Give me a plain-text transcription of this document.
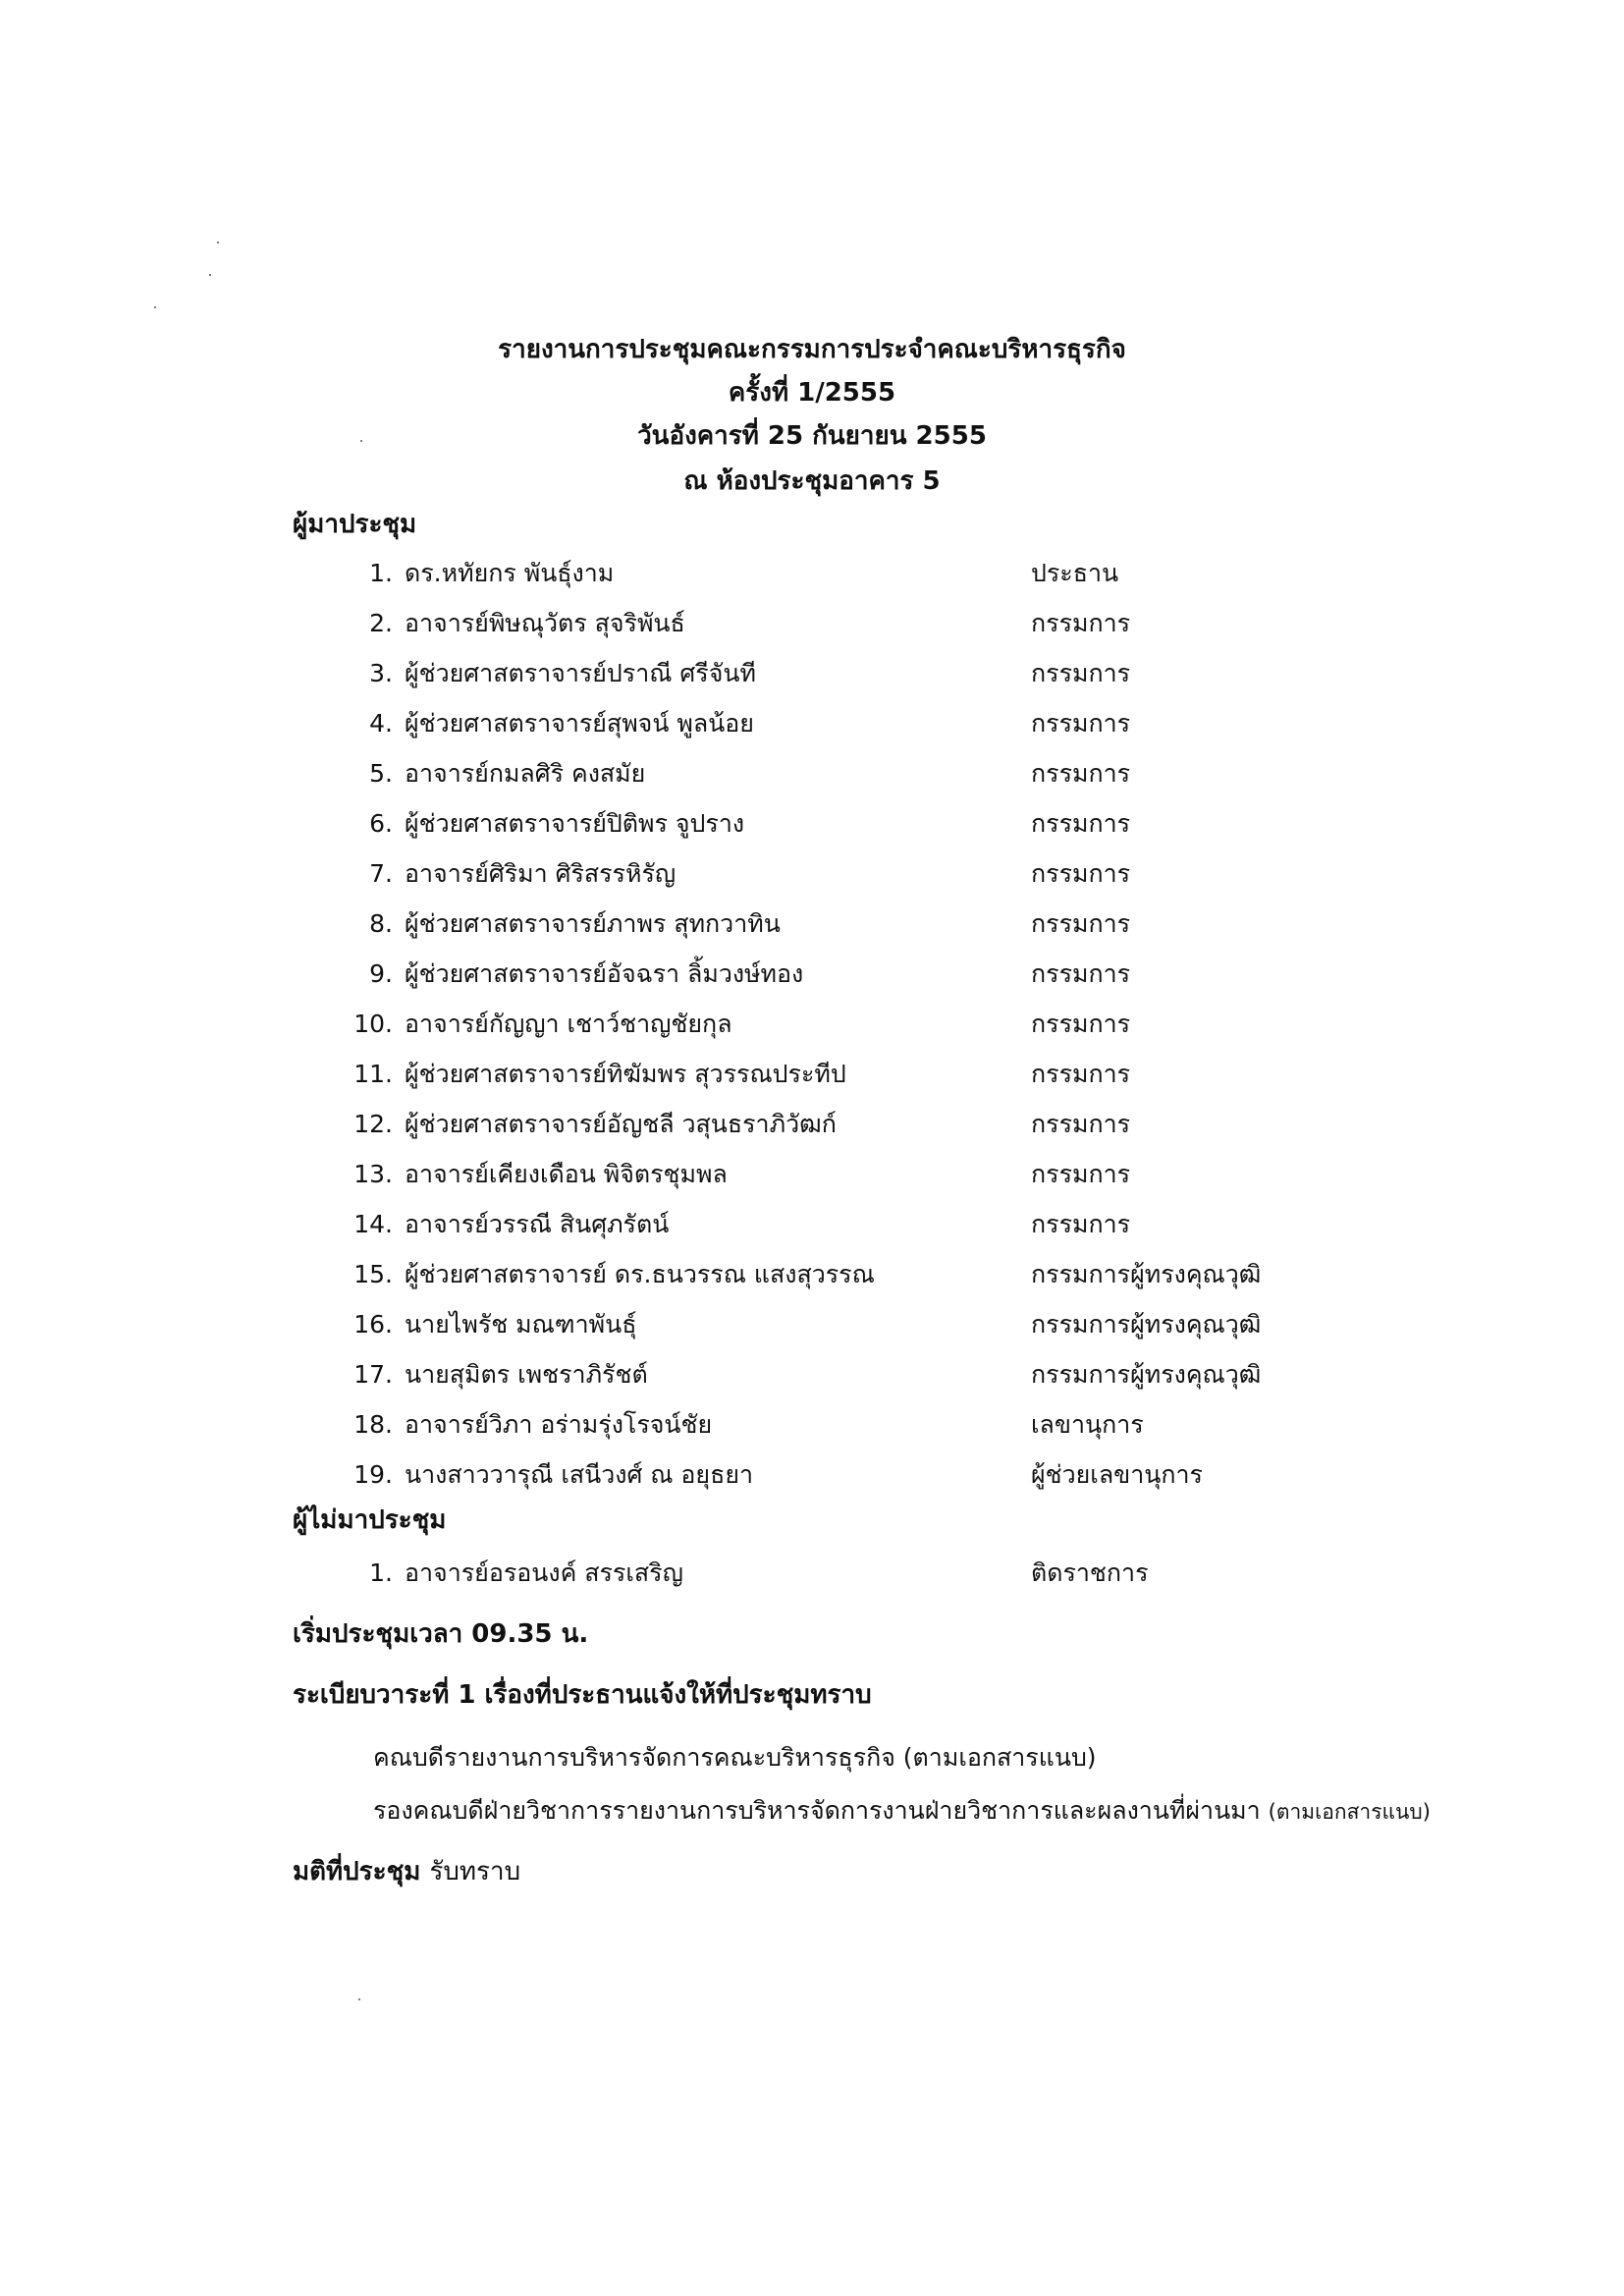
รายงานการประชุมคณะกรรมการประจำคณะบริหารธุรกิจ
ครั้งที่ 1/2555
วันอังคารที่ 25 กันยายน 2555
ณ ห้องประชุมอาคาร 5
ผู้มาประชุม
1. ดร.หทัยกร พันธุ์งาม	ประธาน
2. อาจารย์พิษณุวัตร สุจริพันธ์	กรรมการ
3. ผู้ช่วยศาสตราจารย์ปราณี ศรีจันที	กรรมการ
4. ผู้ช่วยศาสตราจารย์สุพจน์ พูลน้อย	กรรมการ
5. อาจารย์กมลศิริ คงสมัย	กรรมการ
6. ผู้ช่วยศาสตราจารย์ปิติพร จูปราง	กรรมการ
7. อาจารย์ศิริมา ศิริสรรหิรัญ	กรรมการ
8. ผู้ช่วยศาสตราจารย์ภาพร สุทกวาทิน	กรรมการ
9. ผู้ช่วยศาสตราจารย์อัจฉรา ลิ้มวงษ์ทอง	กรรมการ
10. อาจารย์กัญญา เชาว์ชาญชัยกุล	กรรมการ
11. ผู้ช่วยศาสตราจารย์ทิฆัมพร สุวรรณประทีป	กรรมการ
12. ผู้ช่วยศาสตราจารย์อัญชลี วสุนธราภิวัฒก์	กรรมการ
13. อาจารย์เคียงเดือน พิจิตรชุมพล	กรรมการ
14. อาจารย์วรรณี สินศุภรัตน์	กรรมการ
15. ผู้ช่วยศาสตราจารย์ ดร.ธนวรรณ แสงสุวรรณ	กรรมการผู้ทรงคุณวุฒิ
16. นายไพรัช มณฑาพันธุ์	กรรมการผู้ทรงคุณวุฒิ
17. นายสุมิตร เพชราภิรัชต์	กรรมการผู้ทรงคุณวุฒิ
18. อาจารย์วิภา อร่ามรุ่งโรจน์ชัย	เลขานุการ
19. นางสาววารุณี เสนีวงศ์ ณ อยุธยา	ผู้ช่วยเลขานุการ
ผู้ไม่มาประชุม
1. อาจารย์อรอนงค์ สรรเสริญ	ติดราชการ
เริ่มประชุมเวลา 09.35 น.
ระเบียบวาระที่ 1 เรื่องที่ประธานแจ้งให้ที่ประชุมทราบ
คณบดีรายงานการบริหารจัดการคณะบริหารธุรกิจ (ตามเอกสารแนบ)
รองคณบดีฝ่ายวิชาการรายงานการบริหารจัดการงานฝ่ายวิชาการและผลงานที่ผ่านมา (ตามเอกสารแนบ)
มติที่ประชุม รับทราบ
